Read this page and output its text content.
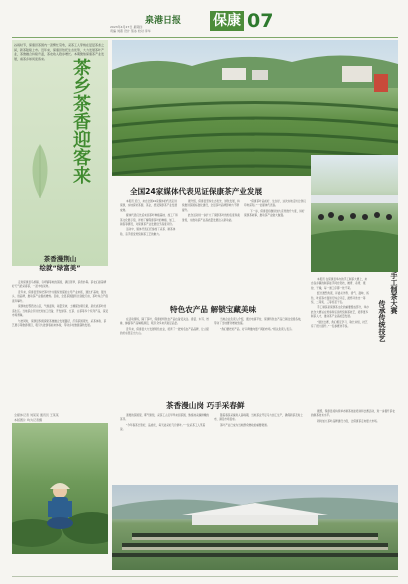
泉港日报
2023年4月27日 星期四
责编 刘燕 设计 蔡冰 校对 李华
保康 07
谷雨时节，保康县茶园内一派繁忙景象，采茶工人穿梭在层层茶垄之间，新茶陆续上市。近年来，保康县依托生态优势，大力发展茶叶产业，茶旅融合持续升温，茶农收入稳步增长。本期聚焦保康茶产业发展，看茶乡如何迎客来。	茶乡茶香迎客来
茶香漫荆山
绘就“绿富美”

走进保康县马桥镇、寺坪镇等地的茶园，满目苍翠，茶香扑鼻。茶农们趁着晴好天气抢采春茶，一派丰收景象。

近年来，保康县坚持把茶叶作为脱贫致富的主导产业来抓，通过扩基地、强龙头、创品牌，推动茶产业提质增效。目前，全县茶园面积达到数万亩，茶叶综合产值逐年攀升。

保康地处鄂西北山区，气候温和，雨量充沛，土壤富含硒元素，是优质茶叶的适生区。当地茶企引进先进加工设备，开发绿茶、红茶、白茶等多个系列产品，深受市场青睐。

与此同时，保康县积极探索茶旅融合发展路径，打造茶园观光、采茶体验、茶艺展示等旅游项目，吸引大批游客前来体验，带动乡村旅游蓬勃发展。

全媒体记者 刘某某 通讯员 王某某
本版图片 均为记者摄
全国24家媒体代表见证保康茶产业发展

本报讯 近日，来自全国24家媒体的代表走进保康，实地探访茶园、茶企，感受保康茶产业发展成效。

媒体代表们先后来到茶叶种植基地、加工厂和茶文化展示馆，详细了解保康茶叶的种植、加工、销售等情况，对保康茶产业发展给予高度评价。

活动中，媒体代表们还参加了采茶、制茶体验，亲手感受传统制茶工艺的魅力。

据介绍，保康县坚持生态优先、绿色发展，持续推进茶园标准化建设，全县茶叶品牌影响力不断提升。

此次活动进一步扩大了保康茶叶的知名度和美誉度，为推动茶产业高质量发展注入新动能。

“保康茶叶品质好、生态好，这次实地走访让我们印象深刻。”一位媒体代表说。

下一步，保康县将继续加大宣传推介力度，讲好保康茶故事，推动茶产业做大做强。

特色农产品 解锁宝藏美味

在活动现场，除了茶叶，保康的特色农产品也备受关注。香菇、木耳、核桃、蜂蜜等产品琳琅满目，吸引众多来宾驻足品尝。

近年来，保康县大力发展特色农业，培育了一批知名农产品品牌，让山里的好东西走出大山。

当地企业负责人介绍，通过电商平台，保康特色农产品已销往全国各地，带动了当地群众增收致富。

“我们要把好产品、好口碑推向更广阔的市场。”相关负责人表示。

茶香漫山岗 巧手采春鲜

清晨的茶园里，雾气缭绕，采茶工人们早早来到茶园，熟练地采摘鲜嫩的茶芽。

“今年春茶长势好，品质优，每天能采好几斤鲜叶。”一位采茶工人笑着说。

随着春茶采摘进入高峰期，当地茶企开足马力加工生产，确保新茶及时上市，满足市场需求。

茶叶产业已成为当地群众增收的重要渠道。

手工制茶大赛
传承传统技艺

本报讯 在保康县举办的手工制茶大赛上，来自各乡镇的制茶能手同台竞技，摊青、杀青、揉捻、干燥，每一道工序都一丝不苟。

经过激烈角逐，评委从外形、香气、滋味、汤色、叶底等方面进行综合评定，最终评选出一等奖、二等奖、三等奖若干名。

手工制茶是保康茶文化的重要组成部分，举办此次大赛旨在传承和弘扬传统制茶技艺，培养更多制茶人才，推动茶产业高质量发展。

“通过比赛，我们相互学习、取长补短，技艺有了很大提升。”一名参赛选手说。

据悉，保康县将持续举办制茶技能培训和比赛活动，进一步提升茶农的制茶技术水平。

同时加大茶叶品牌建设力度，让保康茶走向更大市场。
